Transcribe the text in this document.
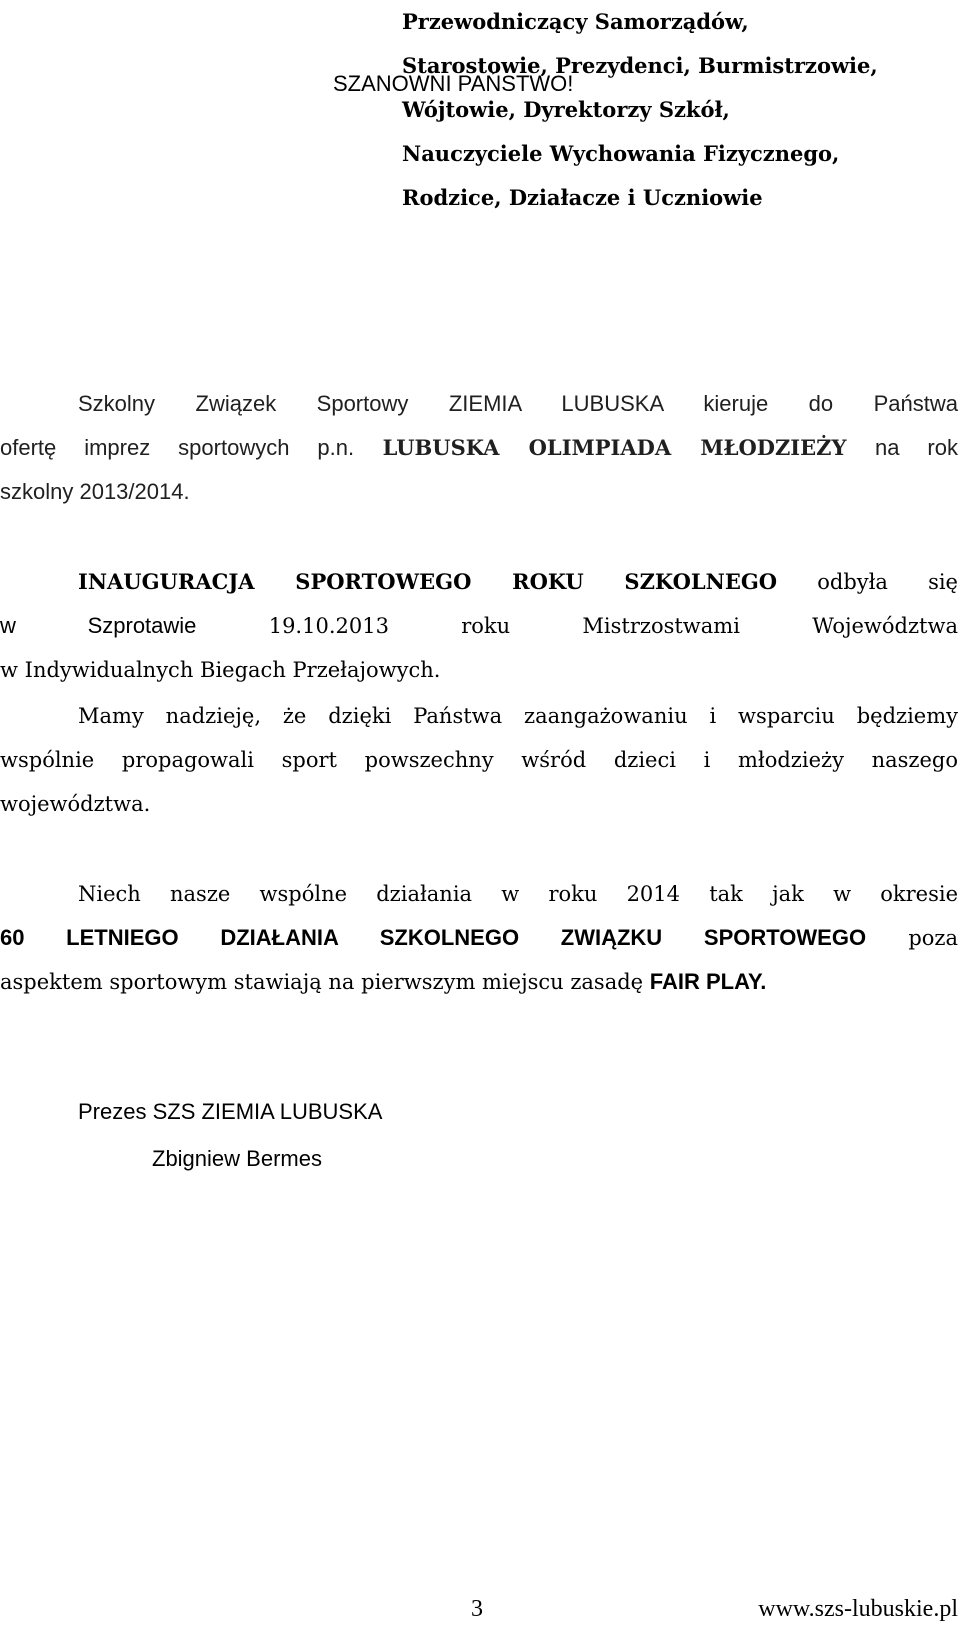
Przewodniczący Samorządów,
Starostowie, Prezydenci, Burmistrzowie,
Wójtowie, Dyrektorzy Szkół,
Nauczyciele Wychowania Fizycznego,
Rodzice, Działacze i Uczniowie
SZANOWNI PAŃSTWO!

Szkolny Związek Sportowy ZIEMIA LUBUSKA kieruje do Państwa
ofertę imprez sportowych p.n. LUBUSKA OLIMPIADA MŁODZIEŻY na rok
szkolny 2013/2014.

INAUGURACJA SPORTOWEGO ROKU SZKOLNEGO odbyła się
w Szprotawie	19.10.2013 roku Mistrzostwami Województwa
w Indywidualnych Biegach Przełajowych.

Mamy nadzieję, że dzięki Państwa zaangażowaniu i wsparciu będziemy
wspólnie propagowali sport powszechny wśród dzieci i młodzieży naszego
województwa.

Niech nasze wspólne działania w roku 2014 tak jak w okresie
60 LETNIEGO DZIAŁANIA SZKOLNEGO ZWIĄZKU SPORTOWEGO poza
aspektem sportowym stawiają na pierwszym miejscu zasadę FAIR PLAY.

Prezes SZS ZIEMIA LUBUSKA
Zbigniew Bermes
3	www.szs-lubuskie.pl
